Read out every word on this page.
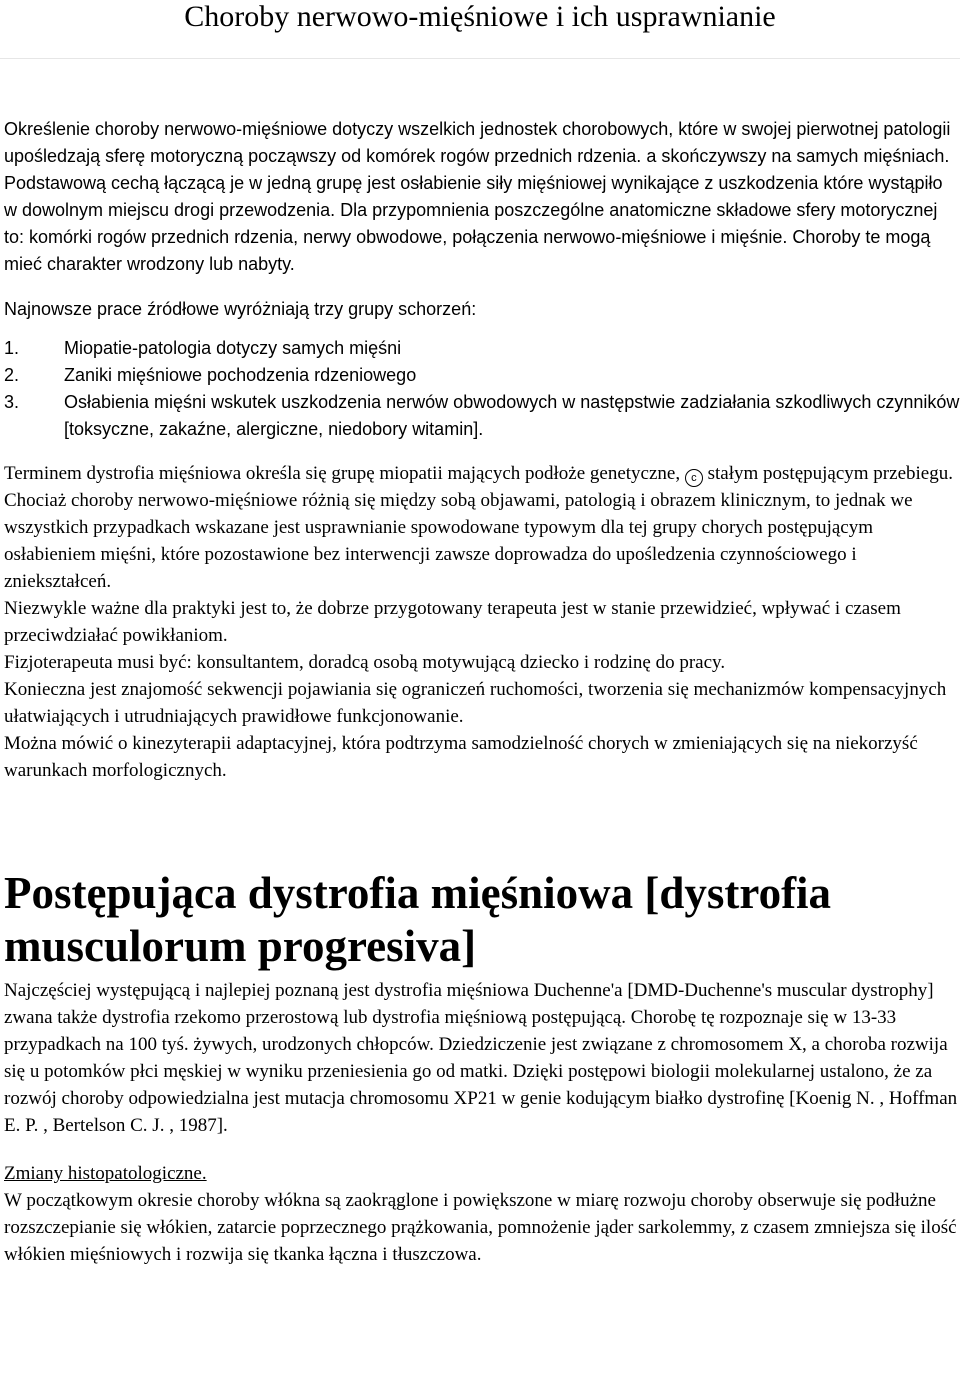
Choroby nerwowo-mięśniowe i ich usprawnianie

Określenie choroby nerwowo-mięśniowe dotyczy wszelkich jednostek chorobowych, które w swojej pierwotnej patologii upośledzają sferę motoryczną począwszy od komórek rogów przednich rdzenia. a skończywszy na samych mięśniach. Podstawową cechą łączącą je w jedną grupę jest osłabienie siły mięśniowej wynikające z uszkodzenia które wystąpiło w dowolnym miejscu drogi przewodzenia. Dla przypomnienia poszczególne anatomiczne składowe sfery motorycznej to: komórki rogów przednich rdzenia, nerwy obwodowe, połączenia nerwowo-mięśniowe i mięśnie. Choroby te mogą mieć charakter wrodzony lub nabyty.

Najnowsze prace źródłowe wyróżniają trzy grupy schorzeń:

1.	Miopatie-patologia dotyczy samych mięśni
2.	Zaniki mięśniowe pochodzenia rdzeniowego
3.	Osłabienia mięśni wskutek uszkodzenia nerwów obwodowych w następstwie zadziałania szkodliwych czynników [toksyczne, zakaźne, alergiczne, niedobory witamin].

Terminem dystrofia mięśniowa określa się grupę miopatii mających podłoże genetyczne, c stałym postępującym przebiegu. Chociaż choroby nerwowo-mięśniowe różnią się między sobą objawami, patologią i obrazem klinicznym, to jednak we wszystkich przypadkach wskazane jest usprawnianie spowodowane typowym dla tej grupy chorych postępującym osłabieniem mięśni, które pozostawione bez interwencji zawsze doprowadza do upośledzenia czynnościowego i zniekształceń.

Niezwykle ważne dla praktyki jest to, że dobrze przygotowany terapeuta jest w stanie przewidzieć, wpływać i czasem przeciwdziałać powikłaniom.

Fizjoterapeuta musi być: konsultantem, doradcą osobą motywującą dziecko i rodzinę do pracy.

Konieczna jest znajomość sekwencji pojawiania się ograniczeń ruchomości, tworzenia się mechanizmów kompensacyjnych ułatwiających i utrudniających prawidłowe funkcjonowanie.

Można mówić o kinezyterapii adaptacyjnej, która podtrzyma samodzielność chorych w zmieniających się na niekorzyść warunkach morfologicznych.

Postępująca dystrofia mięśniowa [dystrofia musculorum progresiva]

Najczęściej występującą i najlepiej poznaną jest dystrofia mięśniowa Duchenne'a [DMD-Duchenne's muscular dystrophy] zwana także dystrofia rzekomo przerostową lub dystrofia mięśniową postępującą. Chorobę tę rozpoznaje się w 13-33 przypadkach na 100 tyś. żywych, urodzonych chłopców. Dziedziczenie jest związane z chromosomem X, a choroba rozwija się u potomków płci męskiej w wyniku przeniesienia go od matki. Dzięki postępowi biologii molekularnej ustalono, że za rozwój choroby odpowiedzialna jest mutacja chromosomu XP21 w genie kodującym białko dystrofinę [Koenig N. , Hoffman E. P. , Bertelson C. J. , 1987].

Zmiany histopatologiczne.

W początkowym okresie choroby włókna są zaokrąglone i powiększone w miarę rozwoju choroby obserwuje się podłużne rozszczepianie się włókien, zatarcie poprzecznego prążkowania, pomnożenie jąder sarkolemmy, z czasem zmniejsza się ilość włókien mięśniowych i rozwija się tkanka łączna i tłuszczowa.
